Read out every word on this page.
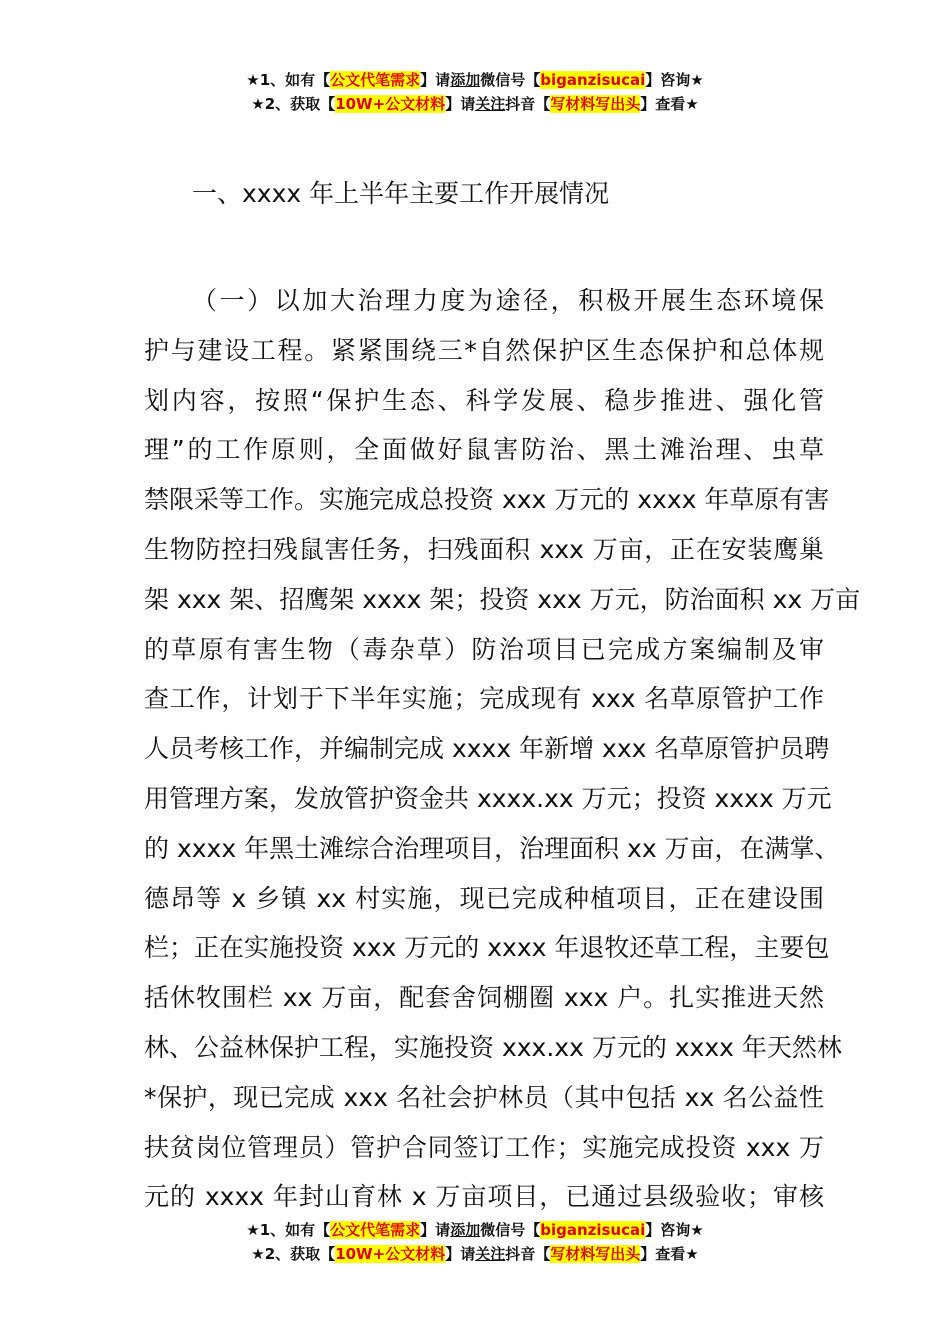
★1、如有【公文代笔需求】请添加微信号【biganzisucai】咨询★
★2、获取【10W+公文材料】请关注抖音【写材料写出头】查看★
一、xxxx 年上半年主要工作开展情况
（一）以加大治理力度为途径，积极开展生态环境保
护与建设工程。紧紧围绕三*自然保护区生态保护和总体规
划内容，按照“保护生态、科学发展、稳步推进、强化管
理”的工作原则，全面做好鼠害防治、黑土滩治理、虫草
禁限采等工作。实施完成总投资 xxx 万元的 xxxx 年草原有害
生物防控扫残鼠害任务，扫残面积 xxx 万亩，正在安装鹰巢
架 xxx 架、招鹰架 xxxx 架；投资 xxx 万元，防治面积 xx 万亩
的草原有害生物（毒杂草）防治项目已完成方案编制及审
查工作，计划于下半年实施；完成现有 xxx 名草原管护工作
人员考核工作，并编制完成 xxxx 年新增 xxx 名草原管护员聘
用管理方案，发放管护资金共 xxxx.xx 万元；投资 xxxx 万元
的 xxxx 年黑土滩综合治理项目，治理面积 xx 万亩，在满掌、
德昂等 x 乡镇 xx 村实施，现已完成种植项目，正在建设围
栏；正在实施投资 xxx 万元的 xxxx 年退牧还草工程，主要包
括休牧围栏 xx 万亩，配套舍饲棚圈 xxx 户。扎实推进天然
林、公益林保护工程，实施投资 xxx.xx 万元的 xxxx 年天然林
*保护，现已完成 xxx 名社会护林员（其中包括 xx 名公益性
扶贫岗位管理员）管护合同签订工作；实施完成投资 xxx 万
元的 xxxx 年封山育林 x 万亩项目，已通过县级验收；审核
★1、如有【公文代笔需求】请添加微信号【biganzisucai】咨询★
★2、获取【10W+公文材料】请关注抖音【写材料写出头】查看★
